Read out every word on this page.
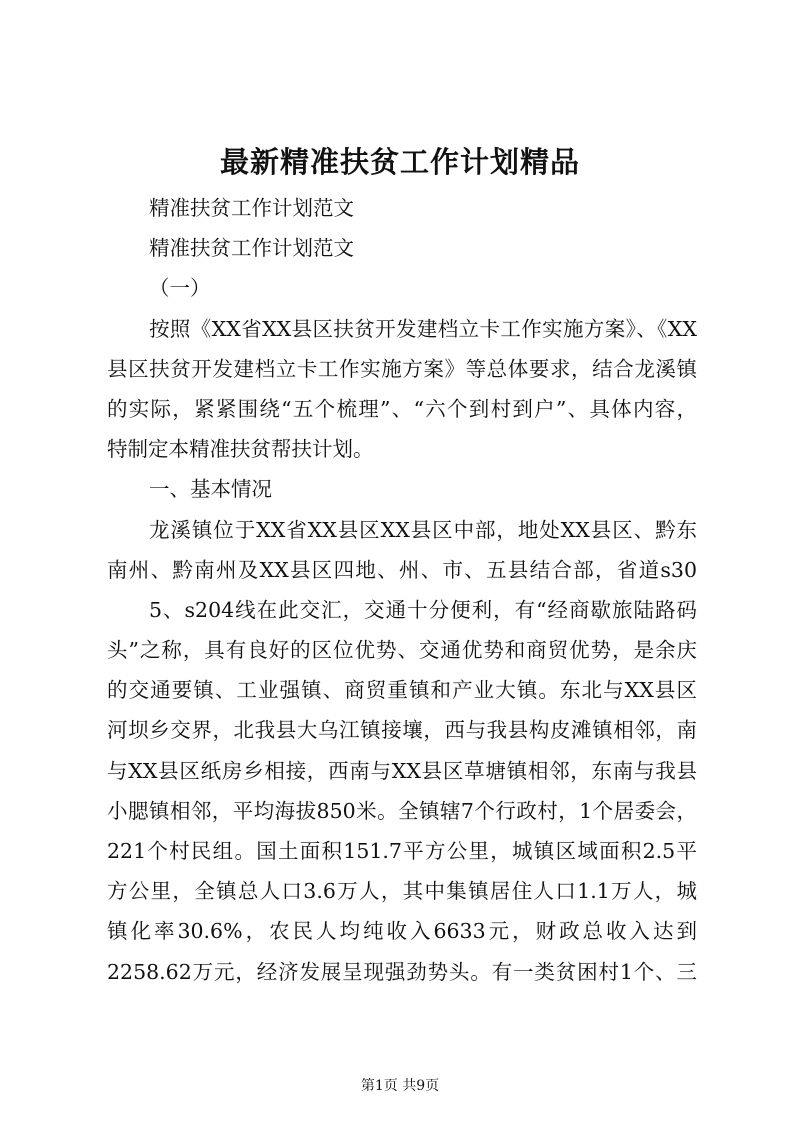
最新精准扶贫工作计划精品
精准扶贫工作计划范文
精准扶贫工作计划范文
（一）
按照《XX省XX县区扶贫开发建档立卡工作实施方案》、《XX
县区扶贫开发建档立卡工作实施方案》等总体要求，结合龙溪镇
的实际，紧紧围绕“五个梳理”、“六个到村到户”、具体内容，
特制定本精准扶贫帮扶计划。
一、基本情况
龙溪镇位于XX省XX县区XX县区中部，地处XX县区、黔东
南州、黔南州及XX县区四地、州、市、五县结合部，省道s30
5、s204线在此交汇，交通十分便利，有“经商歇旅陆路码
头”之称，具有良好的区位优势、交通优势和商贸优势，是余庆
的交通要镇、工业强镇、商贸重镇和产业大镇。东北与XX县区
河坝乡交界，北我县大乌江镇接壤，西与我县构皮滩镇相邻，南
与XX县区纸房乡相接，西南与XX县区草塘镇相邻，东南与我县
小腮镇相邻，平均海拔850米。全镇辖7个行政村，1个居委会，
221个村民组。国土面积151.7平方公里，城镇区域面积2.5平
方公里，全镇总人口3.6万人，其中集镇居住人口1.1万人，城
镇化率30.6%，农民人均纯收入6633元，财政总收入达到
2258.62万元，经济发展呈现强劲势头。有一类贫困村1个、三
第1页 共9页
